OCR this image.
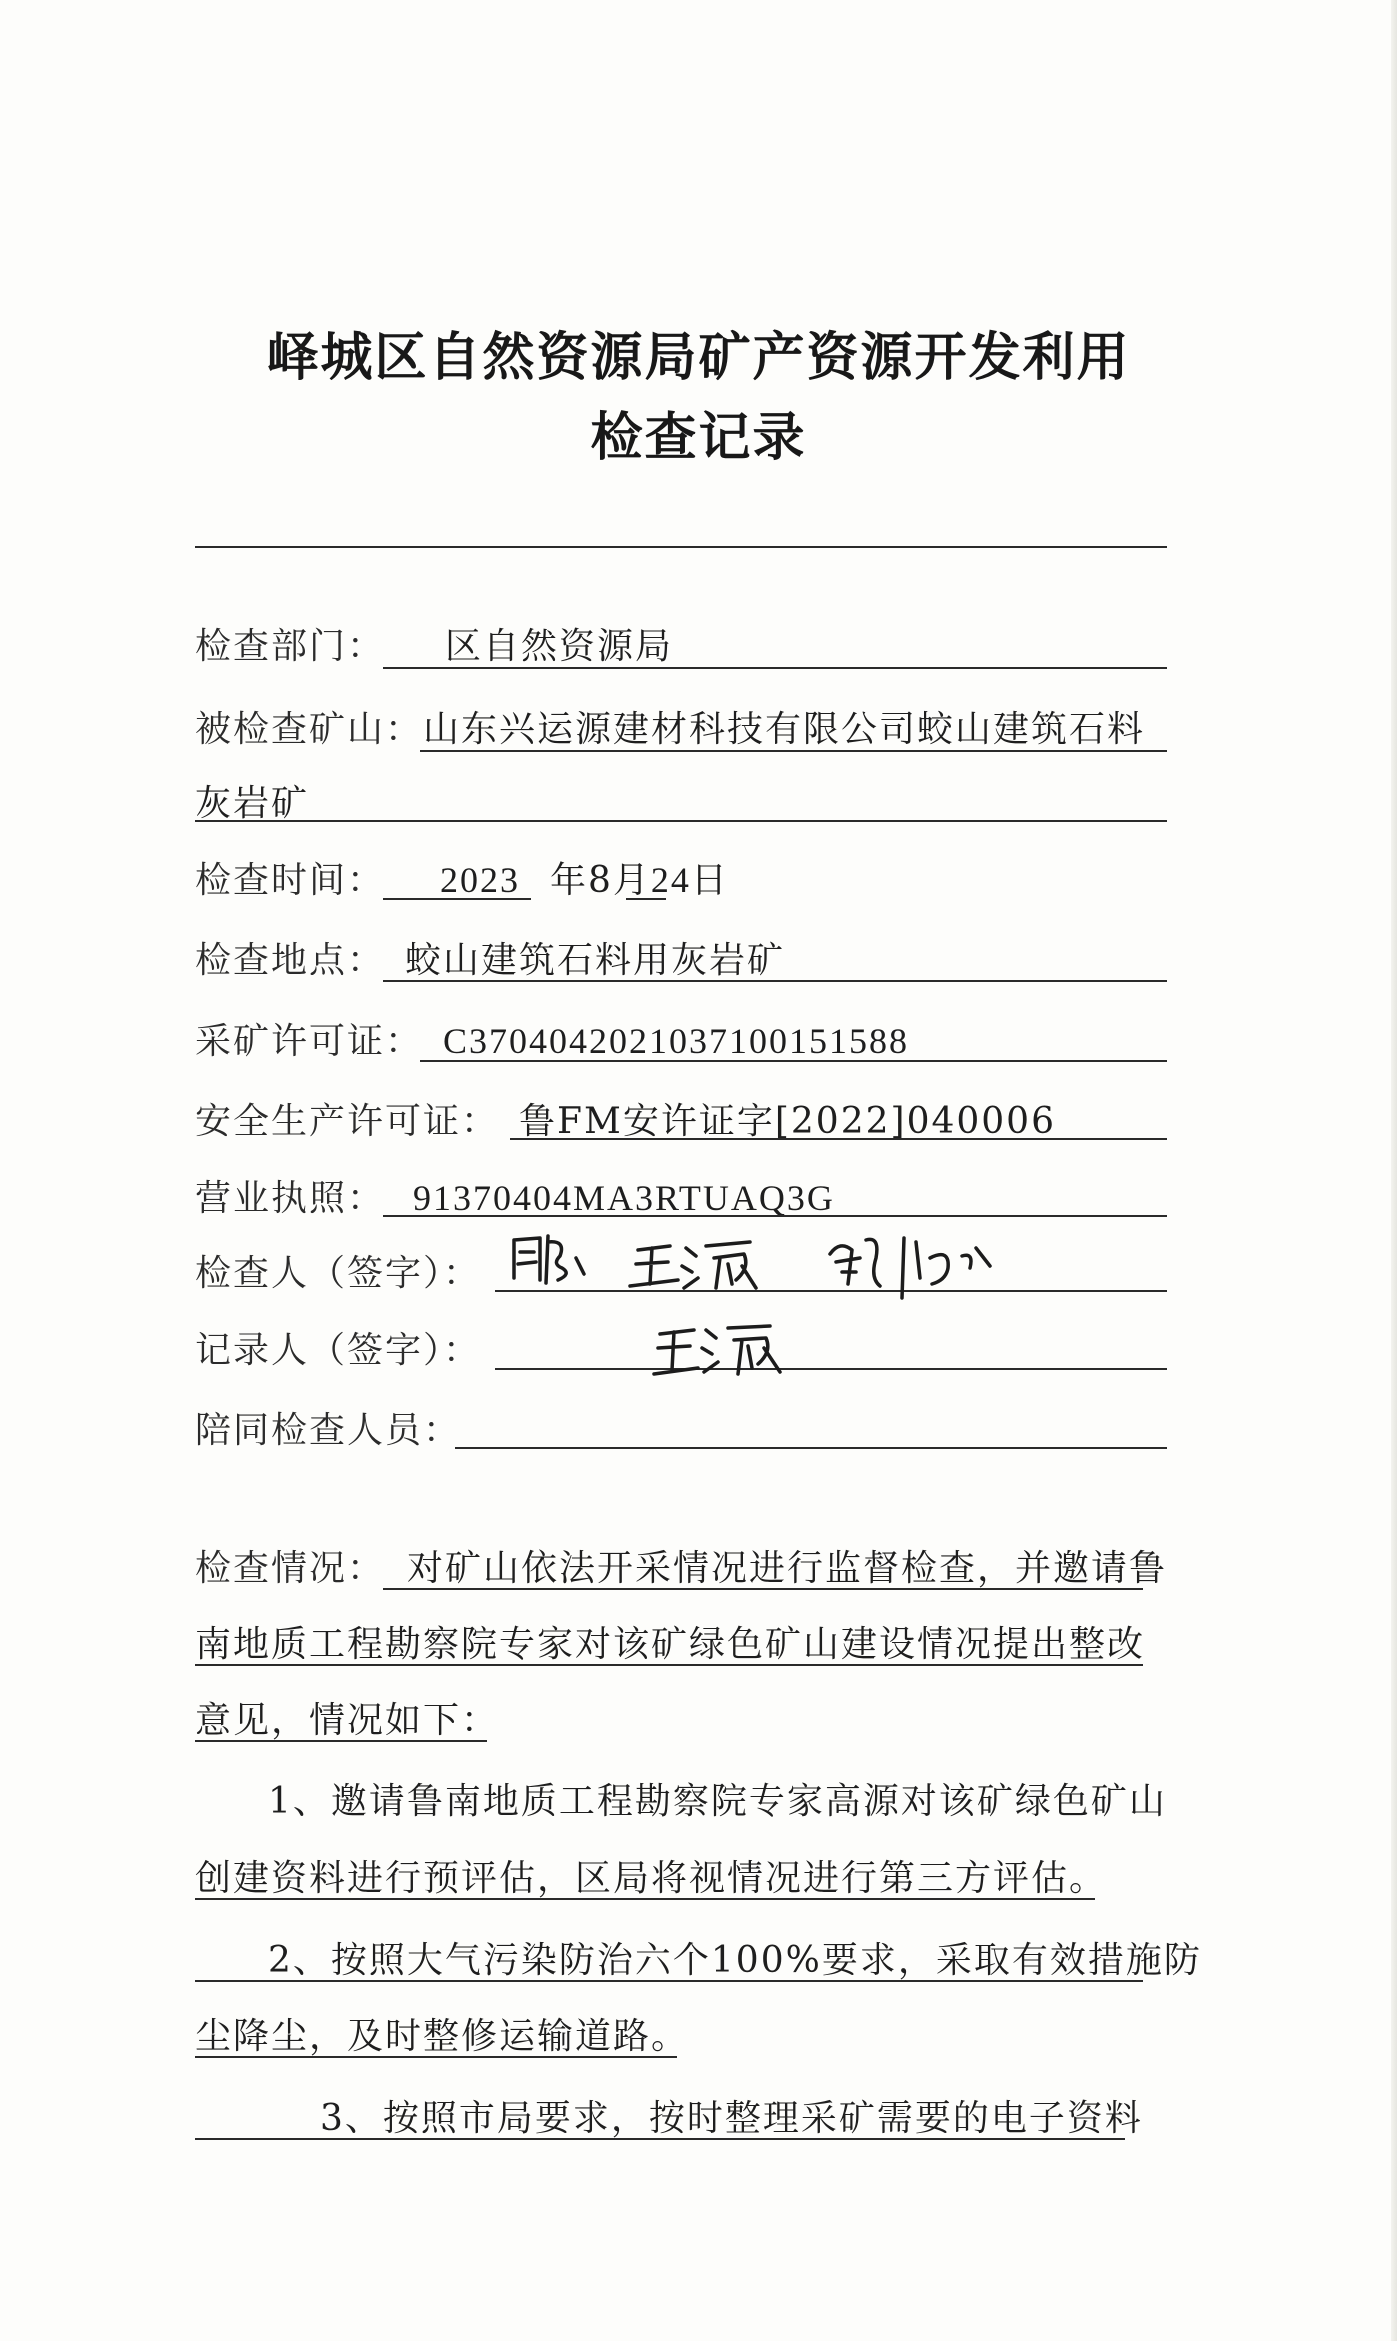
峄城区自然资源局矿产资源开发利用
检查记录
检查部门： 区自然资源局
被检查矿山：山东兴运源建材科技有限公司蛟山建筑石料
灰岩矿
检查时间： 2023 年8月24日
检查地点： 蛟山建筑石料用灰岩矿
采矿许可证： C3704042021037100151588
安全生产许可证： 鲁FM安许证字[2022]040006
营业执照： 91370404MA3RTUAQ3G
检查人（签字）：
记录人（签字）：
陪同检查人员：
检查情况： 对矿山依法开采情况进行监督检查，并邀请鲁
南地质工程勘察院专家对该矿绿色矿山建设情况提出整改
意见，情况如下：
1、邀请鲁南地质工程勘察院专家高源对该矿绿色矿山
创建资料进行预评估，区局将视情况进行第三方评估。
2、按照大气污染防治六个100%要求，采取有效措施防
尘降尘，及时整修运输道路。
3、按照市局要求，按时整理采矿需要的电子资料
